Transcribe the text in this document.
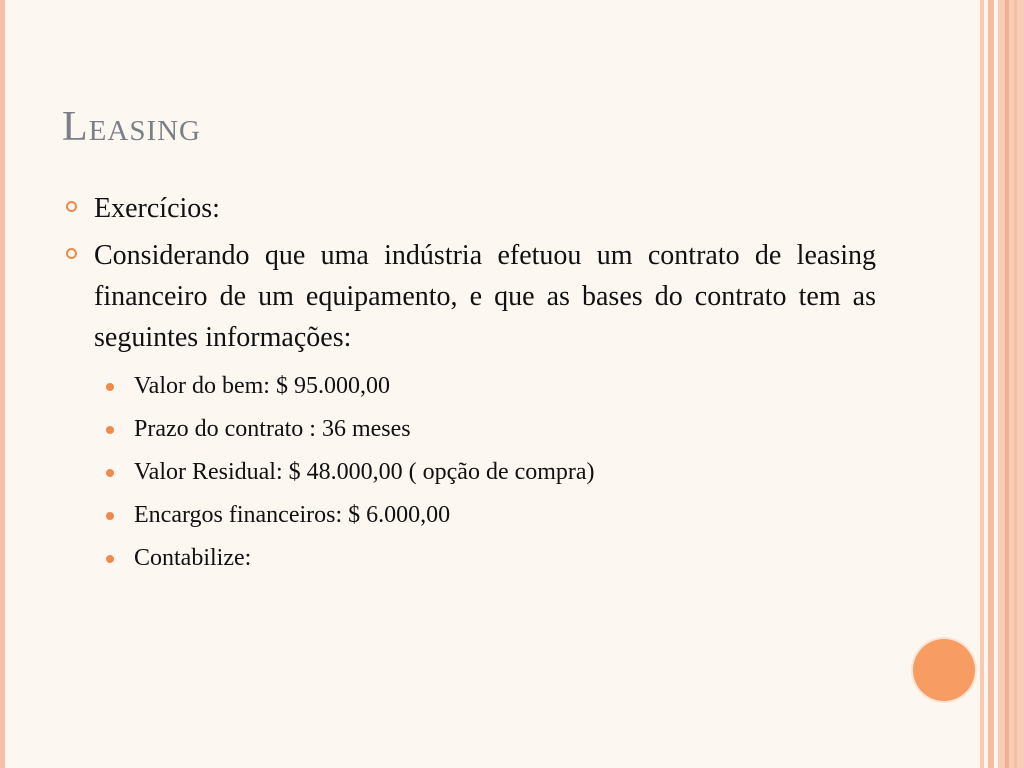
Leasing
Exercícios:
Considerando que uma indústria efetuou um contrato de leasing financeiro de um equipamento, e que as bases do contrato tem as seguintes informações:
Valor do bem: $ 95.000,00
Prazo do contrato : 36 meses
Valor Residual: $ 48.000,00 ( opção de compra)
Encargos financeiros: $ 6.000,00
Contabilize:
